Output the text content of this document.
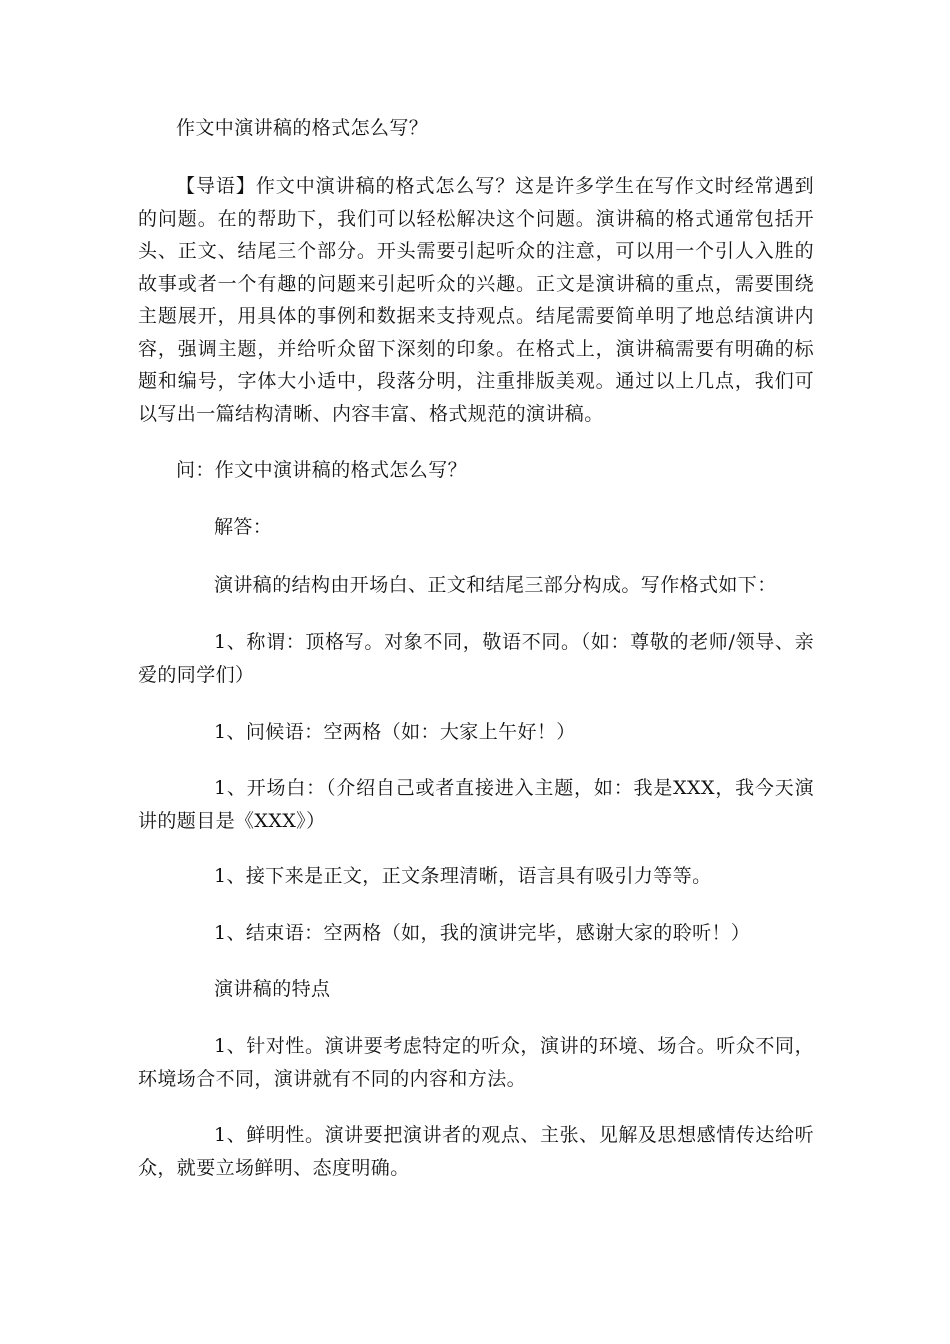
作文中演讲稿的格式怎么写？

【导语】作文中演讲稿的格式怎么写？这是许多学生在写作文时经常遇到的问题。在的帮助下，我们可以轻松解决这个问题。演讲稿的格式通常包括开头、正文、结尾三个部分。开头需要引起听众的注意，可以用一个引人入胜的故事或者一个有趣的问题来引起听众的兴趣。正文是演讲稿的重点，需要围绕主题展开，用具体的事例和数据来支持观点。结尾需要简单明了地总结演讲内容，强调主题，并给听众留下深刻的印象。在格式上，演讲稿需要有明确的标题和编号，字体大小适中，段落分明，注重排版美观。通过以上几点，我们可以写出一篇结构清晰、内容丰富、格式规范的演讲稿。

问：作文中演讲稿的格式怎么写？

解答：

演讲稿的结构由开场白、正文和结尾三部分构成。写作格式如下：

1、称谓：顶格写。对象不同，敬语不同。（如：尊敬的老师/领导、亲爱的同学们）

1、问候语：空两格（如：大家上午好！）

1、开场白：（介绍自己或者直接进入主题，如：我是XXX，我今天演讲的题目是《XXX》）

1、接下来是正文，正文条理清晰，语言具有吸引力等等。

1、结束语：空两格（如，我的演讲完毕，感谢大家的聆听！）

演讲稿的特点

1、针对性。演讲要考虑特定的听众，演讲的环境、场合。听众不同，环境场合不同，演讲就有不同的内容和方法。

1、鲜明性。演讲要把演讲者的观点、主张、见解及思想感情传达给听众，就要立场鲜明、态度明确。
